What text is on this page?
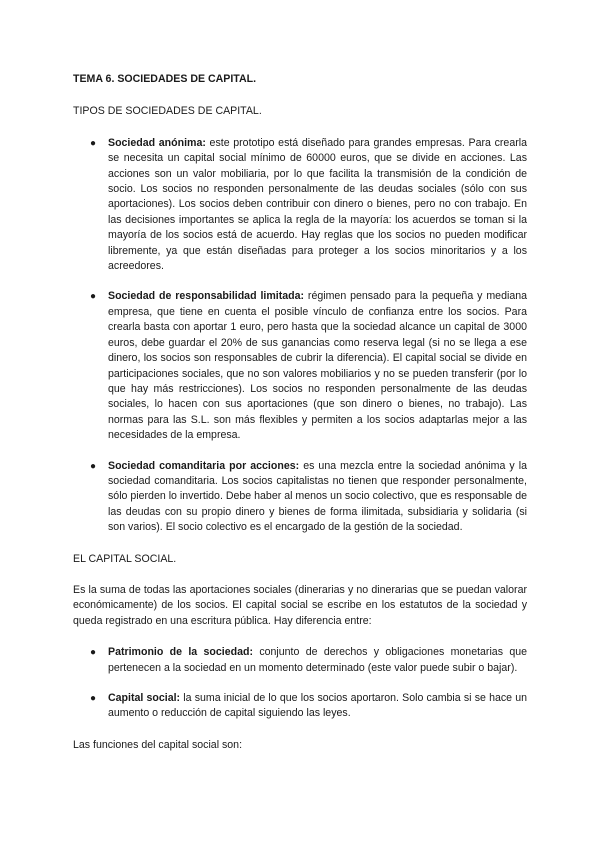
TEMA 6. SOCIEDADES DE CAPITAL.

TIPOS DE SOCIEDADES DE CAPITAL.

● Sociedad anónima: este prototipo está diseñado para grandes empresas. Para crearla se necesita un capital social mínimo de 60000 euros, que se divide en acciones. Las acciones son un valor mobiliaria, por lo que facilita la transmisión de la condición de socio. Los socios no responden personalmente de las deudas sociales (sólo con sus aportaciones). Los socios deben contribuir con dinero o bienes, pero no con trabajo. En las decisiones importantes se aplica la regla de la mayoría: los acuerdos se toman si la mayoría de los socios está de acuerdo. Hay reglas que los socios no pueden modificar libremente, ya que están diseñadas para proteger a los socios minoritarios y a los acreedores.
● Sociedad de responsabilidad limitada: régimen pensado para la pequeña y mediana empresa, que tiene en cuenta el posible vínculo de confianza entre los socios. Para crearla basta con aportar 1 euro, pero hasta que la sociedad alcance un capital de 3000 euros, debe guardar el 20% de sus ganancias como reserva legal (si no se llega a ese dinero, los socios son responsables de cubrir la diferencia). El capital social se divide en participaciones sociales, que no son valores mobiliarios y no se pueden transferir (por lo que hay más restricciones). Los socios no responden personalmente de las deudas sociales, lo hacen con sus aportaciones (que son dinero o bienes, no trabajo). Las normas para las S.L. son más flexibles y permiten a los socios adaptarlas mejor a las necesidades de la empresa.
● Sociedad comanditaria por acciones: es una mezcla entre la sociedad anónima y la sociedad comanditaria. Los socios capitalistas no tienen que responder personalmente, sólo pierden lo invertido. Debe haber al menos un socio colectivo, que es responsable de las deudas con su propio dinero y bienes de forma ilimitada, subsidiaria y solidaria (si son varios). El socio colectivo es el encargado de la gestión de la sociedad.

EL CAPITAL SOCIAL.

Es la suma de todas las aportaciones sociales (dinerarias y no dinerarias que se puedan valorar económicamente) de los socios. El capital social se escribe en los estatutos de la sociedad y queda registrado en una escritura pública. Hay diferencia entre:

● Patrimonio de la sociedad: conjunto de derechos y obligaciones monetarias que pertenecen a la sociedad en un momento determinado (este valor puede subir o bajar).
● Capital social: la suma inicial de lo que los socios aportaron. Solo cambia si se hace un aumento o reducción de capital siguiendo las leyes.

Las funciones del capital social son:
